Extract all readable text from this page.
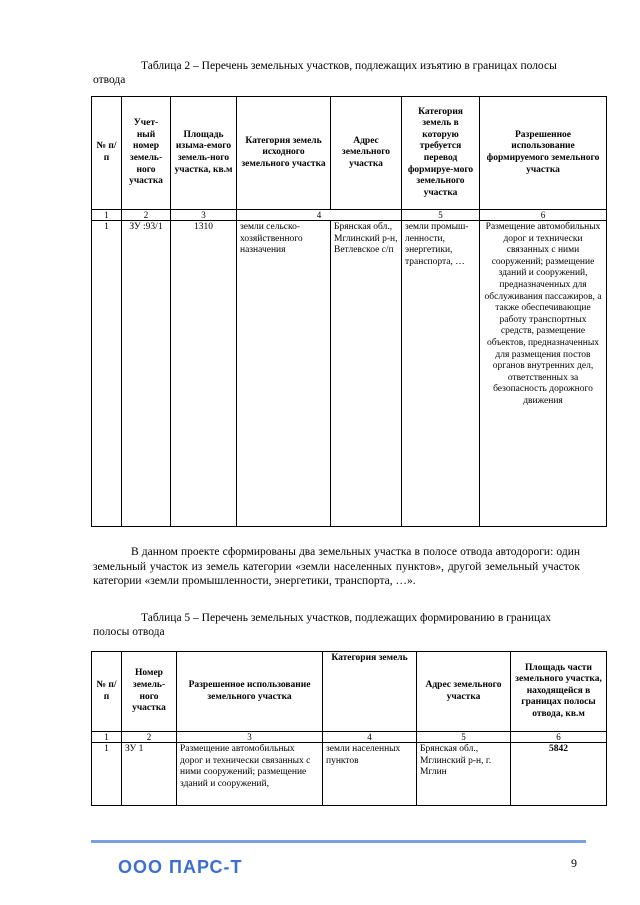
Таблица 2 – Перечень земельных участков, подлежащих изъятию в границах полосы отвода
№ п/п	Учет-ный номер земель-ного участка	Площадь изыма-емого земель-ного участка, кв.м	Категория земель исходного земельного участка	Адрес земельного участка	Категория земель в которую требуется перевод формируе-мого земельного участка	Разрешенное использование формируемого земельного участка
1	2	3	4		5	6
1	ЗУ :93/1	1310	земли сельско-хозяйственного назначения	Брянская обл., Мглинский р-н, Ветлевское с/п	земли промыш-ленности, энергетики, транспорта, …	Размещение автомобильных дорог и технически связанных с ними сооружений; размещение зданий и сооружений, предназначенных для обслуживания пассажиров, а также обеспечивающие работу транспортных средств, размещение объектов, предназначенных для размещения постов органов внутренних дел, ответственных за безопасность дорожного движения
В данном проекте сформированы два земельных участка в полосе отвода автодороги: один земельный участок из земель категории «земли населенных пунктов», другой земельный участок категории «земли промышленности, энергетики, транспорта, …».
Таблица 5 – Перечень земельных участков, подлежащих формированию в границах полосы отвода
№ п/п	Номер земель-ного участка	Разрешенное использование земельного участка	Категория земель	Адрес земельного участка	Площадь части земельного участка, находящейся в границах полосы отвода, кв.м
1	2	3	4	5	6
1	ЗУ 1	Размещение автомобильных дорог и технически связанных с ними сооружений; размещение зданий и сооружений,	земли населенных пунктов	Брянская обл., Мглинский р-н, г. Мглин	5842
ООО ПАРС-Т	9
